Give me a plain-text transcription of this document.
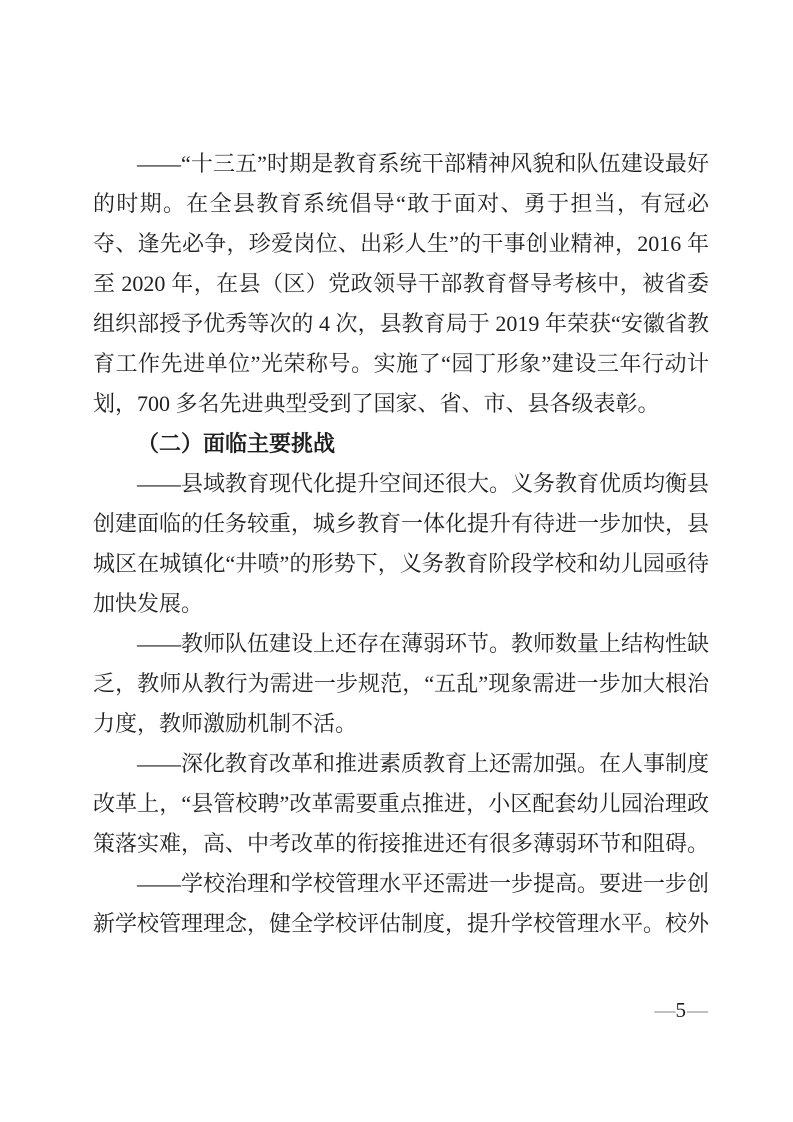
——“十三五”时期是教育系统干部精神风貌和队伍建设最好的时期。在全县教育系统倡导“敢于面对、勇于担当，有冠必夺、逢先必争，珍爱岗位、出彩人生”的干事创业精神，2016 年至 2020 年，在县（区）党政领导干部教育督导考核中，被省委组织部授予优秀等次的 4 次，县教育局于 2019 年荣获“安徽省教育工作先进单位”光荣称号。实施了“园丁形象”建设三年行动计划，700 多名先进典型受到了国家、省、市、县各级表彰。

（二）面临主要挑战

——县域教育现代化提升空间还很大。义务教育优质均衡县创建面临的任务较重，城乡教育一体化提升有待进一步加快，县城区在城镇化“井喷”的形势下，义务教育阶段学校和幼儿园亟待加快发展。

——教师队伍建设上还存在薄弱环节。教师数量上结构性缺乏，教师从教行为需进一步规范，“五乱”现象需进一步加大根治力度，教师激励机制不活。

——深化教育改革和推进素质教育上还需加强。在人事制度改革上，“县管校聘”改革需要重点推进，小区配套幼儿园治理政策落实难，高、中考改革的衔接推进还有很多薄弱环节和阻碍。

——学校治理和学校管理水平还需进一步提高。要进一步创新学校管理理念，健全学校评估制度，提升学校管理水平。校外

—5—
